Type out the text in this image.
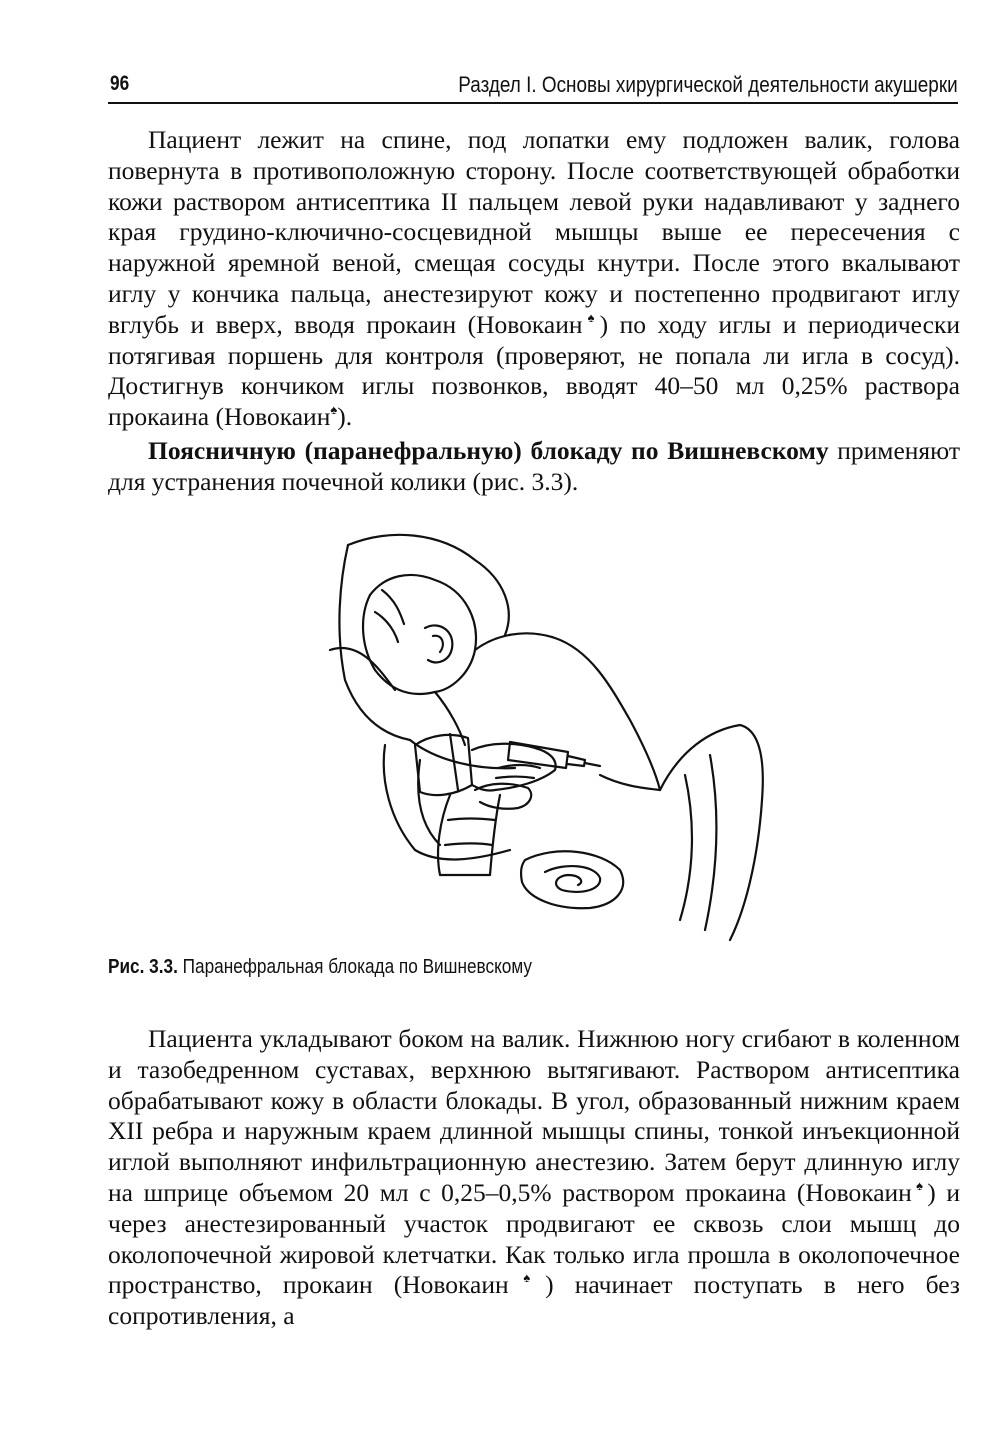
96	Раздел I. Основы хирургической деятельности акушерки

Пациент лежит на спине, под лопатки ему подложен валик, голова повернута в противоположную сторону. После соответствующей обработки кожи раствором антисептика II пальцем левой руки надавливают у заднего края грудино-ключично-сосцевидной мышцы выше ее пересечения с наружной яремной веной, смещая сосуды кнутри. После этого вкалывают иглу у кончика пальца, анестезируют кожу и постепенно продвигают иглу вглубь и вверх, вводя прокаин (Новокаин♠) по ходу иглы и периодически потягивая поршень для контроля (проверяют, не попала ли игла в сосуд). Достигнув кончиком иглы позвонков, вводят 40–50 мл 0,25% раствора прокаина (Новокаин♠).

Поясничную (паранефральную) блокаду по Вишневскому применяют для устранения почечной колики (рис. 3.3).

Рис. 3.3. Паранефральная блокада по Вишневскому

Пациента укладывают боком на валик. Нижнюю ногу сгибают в коленном и тазобедренном суставах, верхнюю вытягивают. Раствором антисептика обрабатывают кожу в области блокады. В угол, образованный нижним краем XII ребра и наружным краем длинной мышцы спины, тонкой инъекционной иглой выполняют инфильтрационную анестезию. Затем берут длинную иглу на шприце объемом 20 мл с 0,25–0,5% раствором прокаина (Новокаин♠) и через анестезированный участок продвигают ее сквозь слои мышц до околопочечной жировой клетчатки. Как только игла прошла в околопочечное пространство, прокаин (Новокаин♠) начинает поступать в него без сопротивления, а
